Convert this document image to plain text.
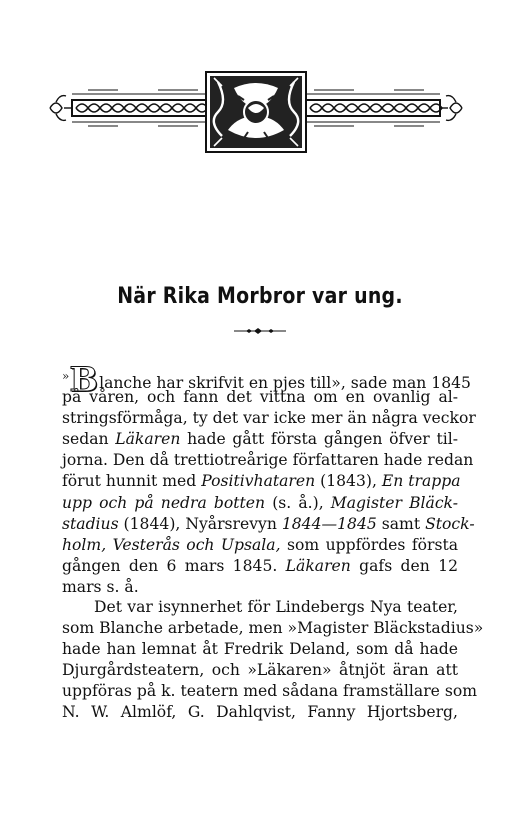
När Rika Morbror var ung.
»Blanche har skrifvit en pjes till», sade man 1845
på våren, och fann det vittna om en ovanlig al-
stringsförmåga, ty det var icke mer än några veckor
sedan Läkaren hade gått första gången öfver til-
jorna. Den då trettiotreårige författaren hade redan
förut hunnit med Positivhataren (1843), En trappa
upp och på nedra botten (s. å.), Magister Bläck-
stadius (1844), Nyårsrevyn 1844—1845 samt Stock-
holm, Vesterås och Upsala, som uppfördes första
gången den 6 mars 1845. Läkaren gafs den 12
mars s. å.
Det var isynnerhet för Lindebergs Nya teater,
som Blanche arbetade, men »Magister Bläckstadius»
hade han lemnat åt Fredrik Deland, som då hade
Djurgårdsteatern, och »Läkaren» åtnjöt äran att
uppföras på k. teatern med sådana framställare som
N. W. Almlöf, G. Dahlqvist, Fanny Hjortsberg,
